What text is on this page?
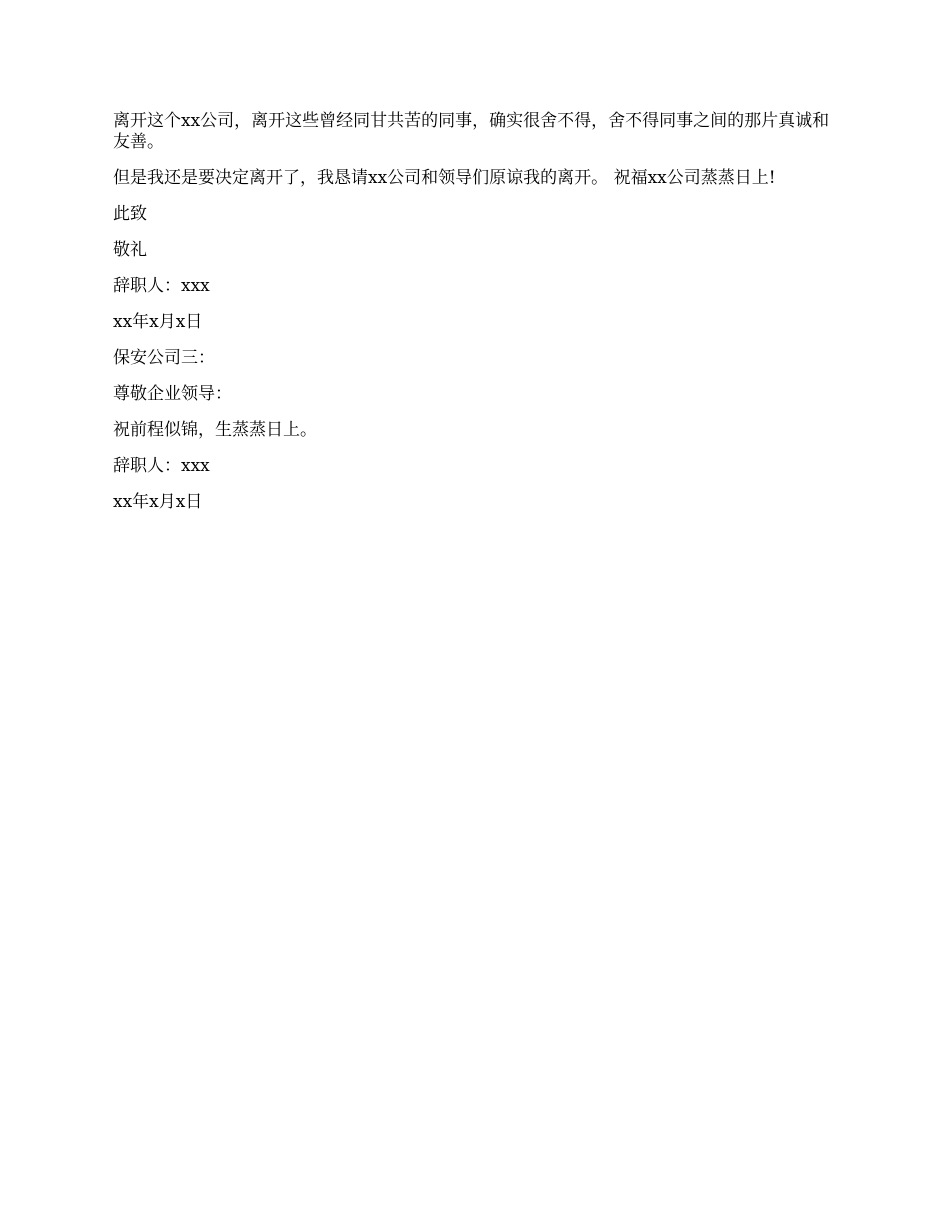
离开这个xx公司，离开这些曾经同甘共苦的同事，确实很舍不得，舍不得同事之间的那片真诚和友善。

但是我还是要决定离开了，我恳请xx公司和领导们原谅我的离开。 祝福xx公司蒸蒸日上!

此致

敬礼

辞职人：xxx

xx年x月x日

保安公司三：

尊敬企业领导：

祝前程似锦，生蒸蒸日上。

辞职人：xxx

xx年x月x日
